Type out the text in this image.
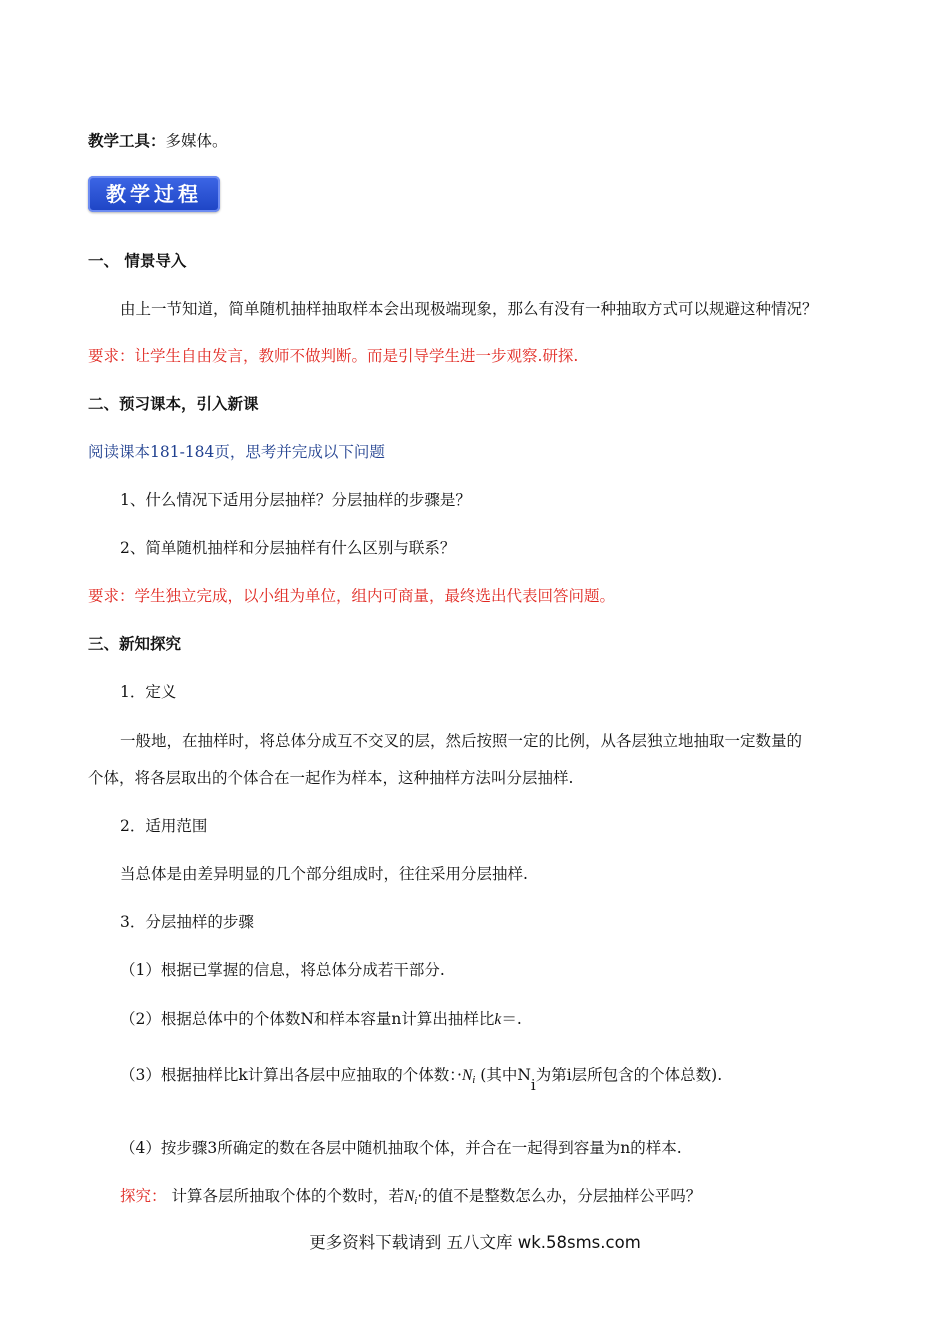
教学工具：多媒体。
教学过程
一、 情景导入
由上一节知道，简单随机抽样抽取样本会出现极端现象，那么有没有一种抽取方式可以规避这种情况？
要求：让学生自由发言，教师不做判断。而是引导学生进一步观察.研探.
二、预习课本，引入新课
阅读课本181-184页，思考并完成以下问题
1、什么情况下适用分层抽样？分层抽样的步骤是？
2、简单随机抽样和分层抽样有什么区别与联系？
要求：学生独立完成，以小组为单位，组内可商量，最终选出代表回答问题。
三、新知探究
1．定义
一般地，在抽样时，将总体分成互不交叉的层，然后按照一定的比例，从各层独立地抽取一定数量的
个体，将各层取出的个体合在一起作为样本，这种抽样方法叫分层抽样.
2．适用范围
当总体是由差异明显的几个部分组成时，往往采用分层抽样.
3．分层抽样的步骤
（1）根据已掌握的信息，将总体分成若干部分.
（2）根据总体中的个体数N和样本容量n计算出抽样比k＝.
（3）根据抽样比k计算出各层中应抽取的个体数：$\cdot N_i$ (其中Ni为第i层所包含的个体总数).
（4）按步骤3所确定的数在各层中随机抽取个体，并合在一起得到容量为n的样本.
探究： 计算各层所抽取个体的个数时，若$N_i\cdot$的值不是整数怎么办，分层抽样公平吗？
更多资料下载请到 五八文库 wk.58sms.com
